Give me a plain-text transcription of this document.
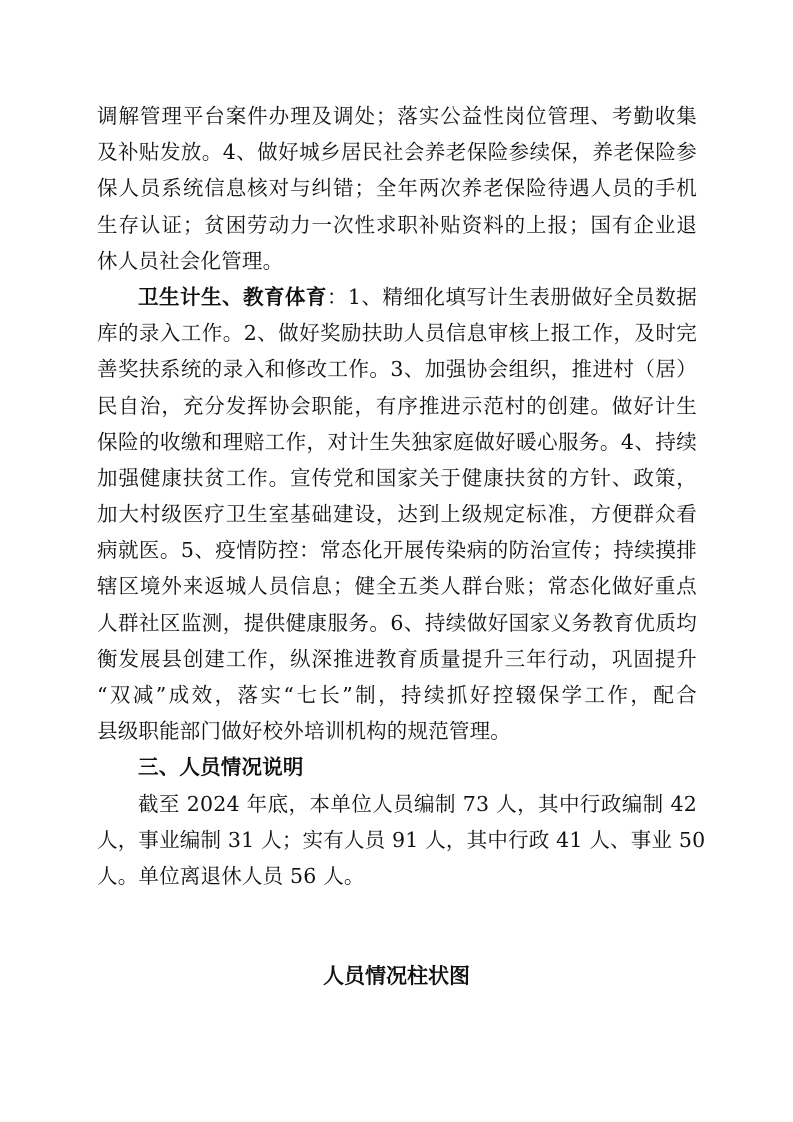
调解管理平台案件办理及调处；落实公益性岗位管理、考勤收集
及补贴发放。4、做好城乡居民社会养老保险参续保，养老保险参
保人员系统信息核对与纠错；全年两次养老保险待遇人员的手机
生存认证；贫困劳动力一次性求职补贴资料的上报；国有企业退
休人员社会化管理。
卫生计生、教育体育：1、精细化填写计生表册做好全员数据
库的录入工作。2、做好奖励扶助人员信息审核上报工作，及时完
善奖扶系统的录入和修改工作。3、加强协会组织，推进村（居）
民自治，充分发挥协会职能，有序推进示范村的创建。做好计生
保险的收缴和理赔工作，对计生失独家庭做好暖心服务。4、持续
加强健康扶贫工作。宣传党和国家关于健康扶贫的方针、政策，
加大村级医疗卫生室基础建设，达到上级规定标准，方便群众看
病就医。5、疫情防控：常态化开展传染病的防治宣传；持续摸排
辖区境外来返城人员信息；健全五类人群台账；常态化做好重点
人群社区监测，提供健康服务。6、持续做好国家义务教育优质均
衡发展县创建工作，纵深推进教育质量提升三年行动，巩固提升
“双减”成效，落实“七长”制，持续抓好控辍保学工作，配合
县级职能部门做好校外培训机构的规范管理。
三、人员情况说明
截至 2024 年底，本单位人员编制 73 人，其中行政编制 42
人，事业编制 31 人；实有人员 91 人，其中行政 41 人、事业 50
人。单位离退休人员 56 人。
人员情况柱状图
